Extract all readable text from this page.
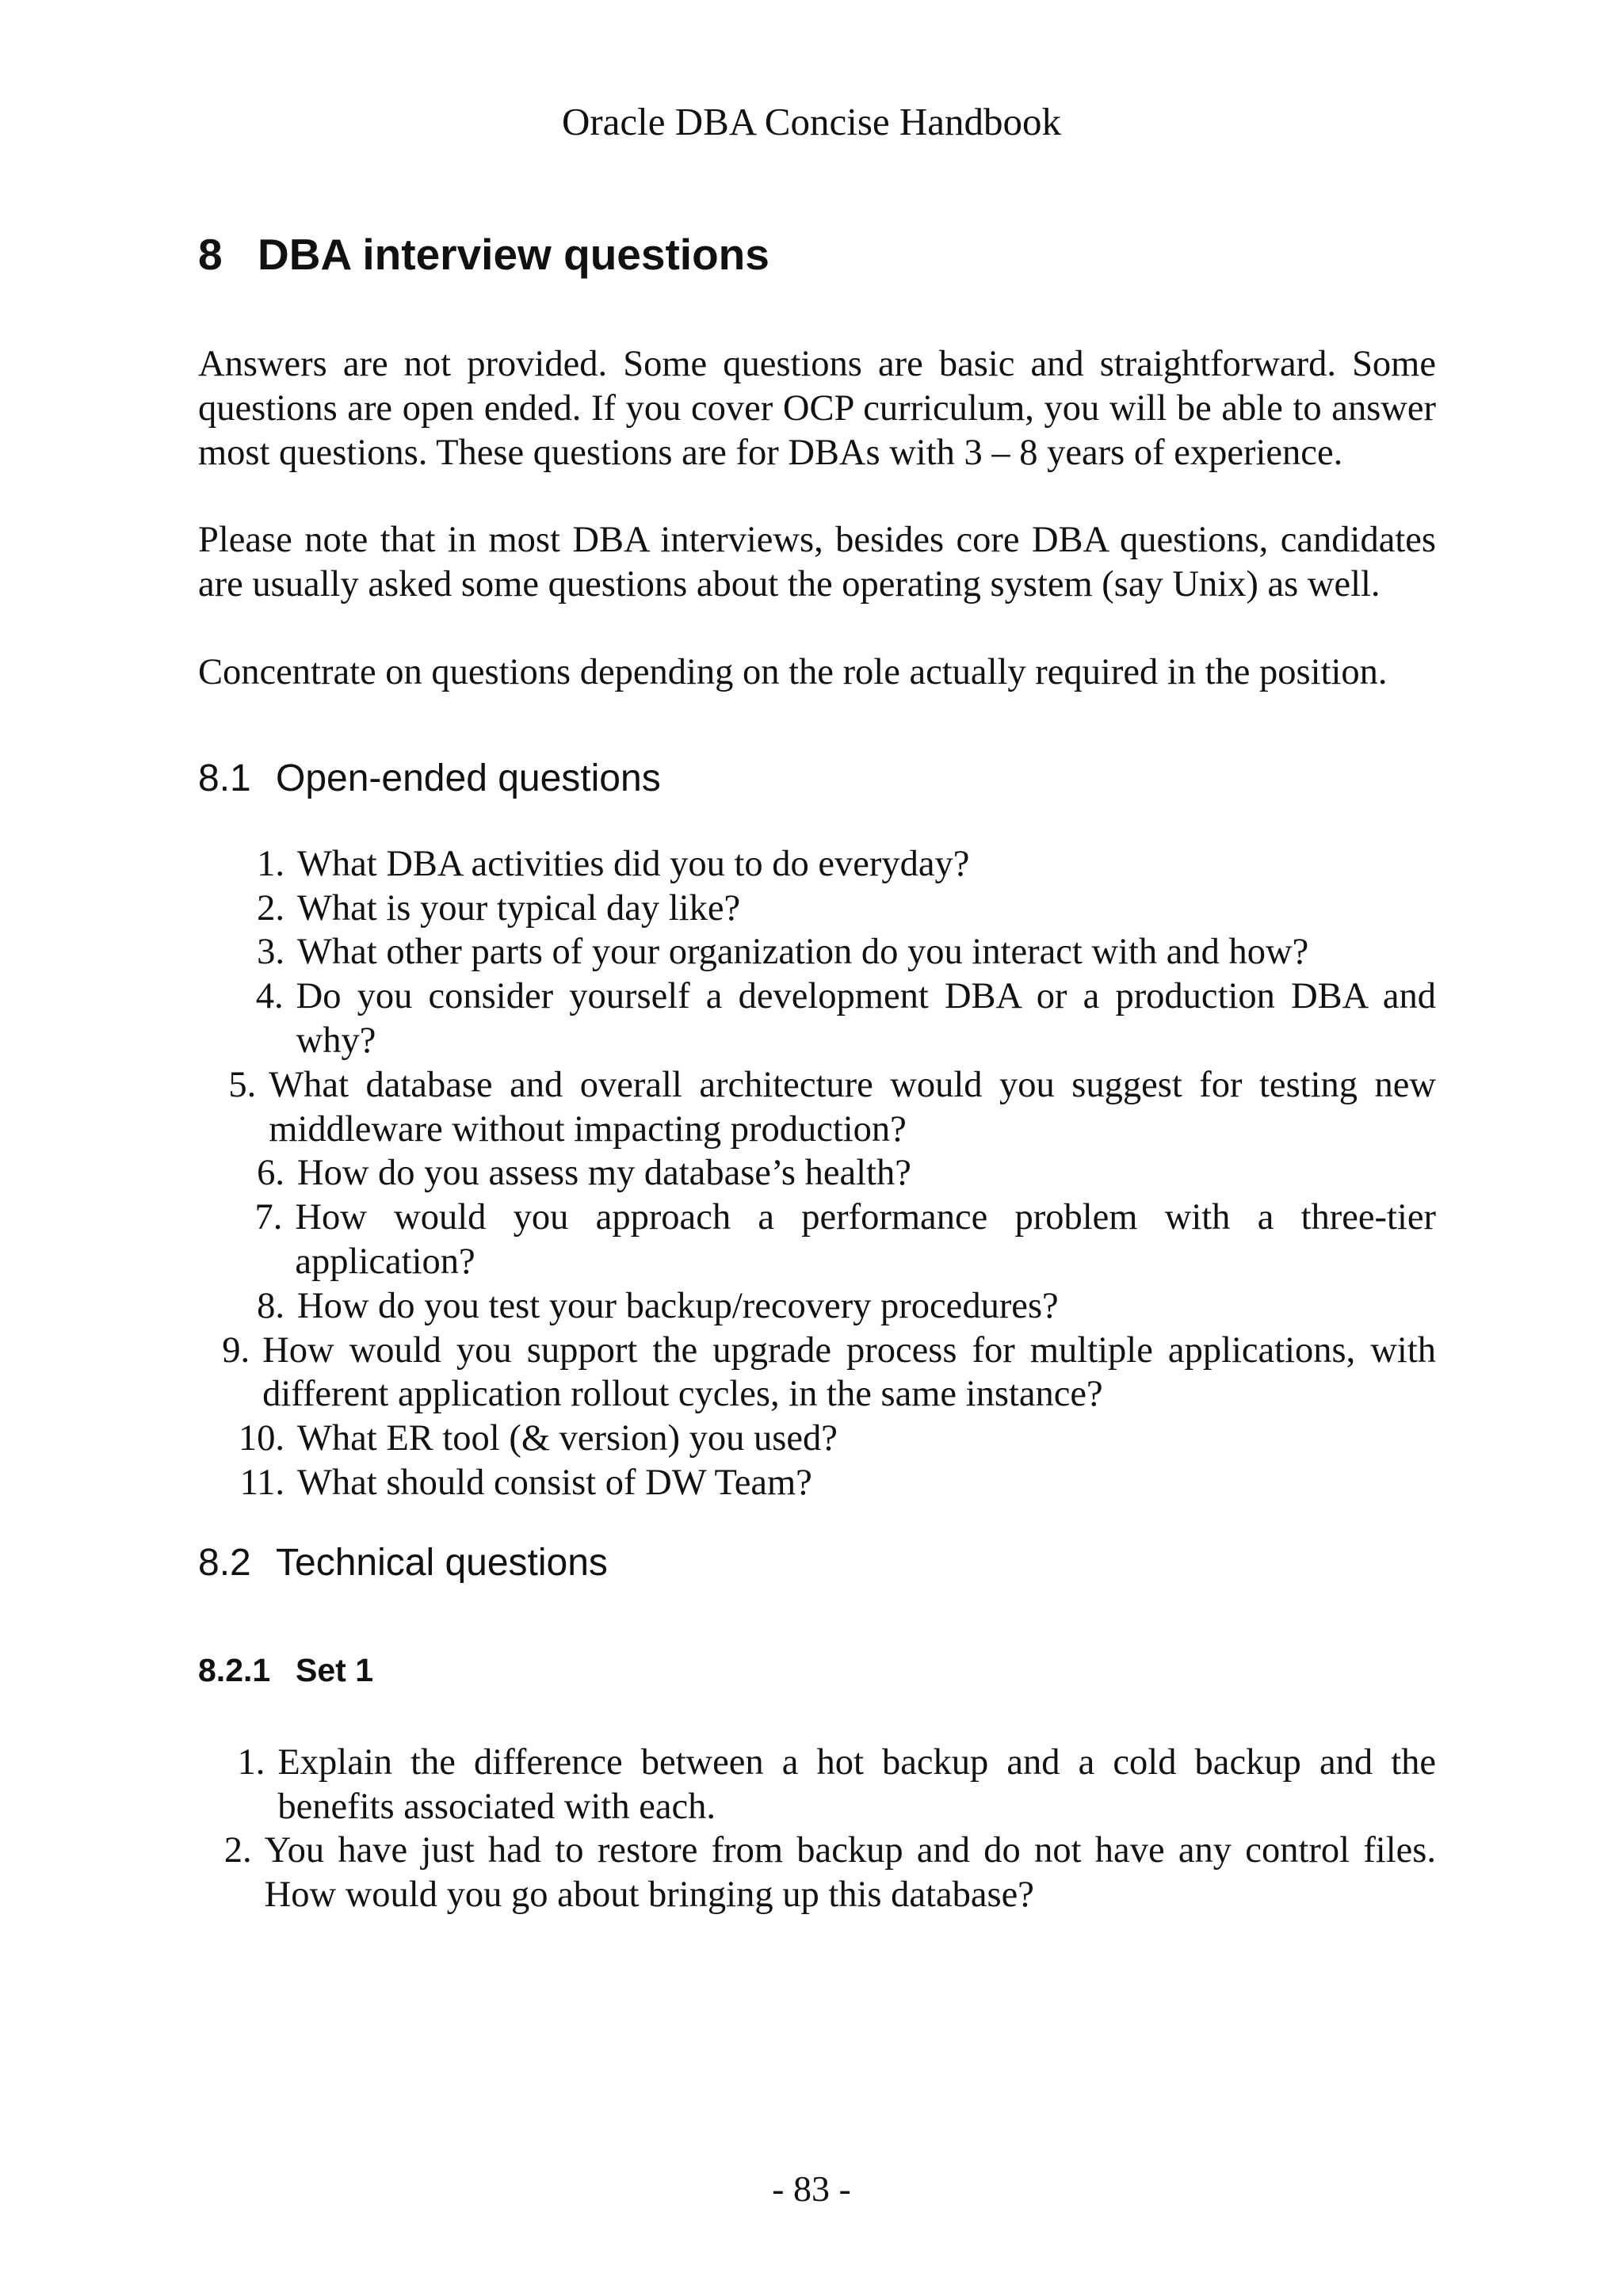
Oracle DBA Concise Handbook
8 DBA interview questions

Answers are not provided. Some questions are basic and straightforward. Some questions are open ended. If you cover OCP curriculum, you will be able to answer most questions. These questions are for DBAs with 3 – 8 years of experience.

Please note that in most DBA interviews, besides core DBA questions, candidates are usually asked some questions about the operating system (say Unix) as well.

Concentrate on questions depending on the role actually required in the position.

8.1 Open-ended questions
1. What DBA activities did you to do everyday?
2. What is your typical day like?
3. What other parts of your organization do you interact with and how?
4. Do you consider yourself a development DBA or a production DBA and why?
5. What database and overall architecture would you suggest for testing new middleware without impacting production?
6. How do you assess my database’s health?
7. How would you approach a performance problem with a three-tier application?
8. How do you test your backup/recovery procedures?
9. How would you support the upgrade process for multiple applications, with different application rollout cycles, in the same instance?
10. What ER tool (& version) you used?
11. What should consist of DW Team?
8.2 Technical questions
8.2.1 Set 1
1. Explain the difference between a hot backup and a cold backup and the benefits associated with each.
2. You have just had to restore from backup and do not have any control files. How would you go about bringing up this database?
- 83 -
